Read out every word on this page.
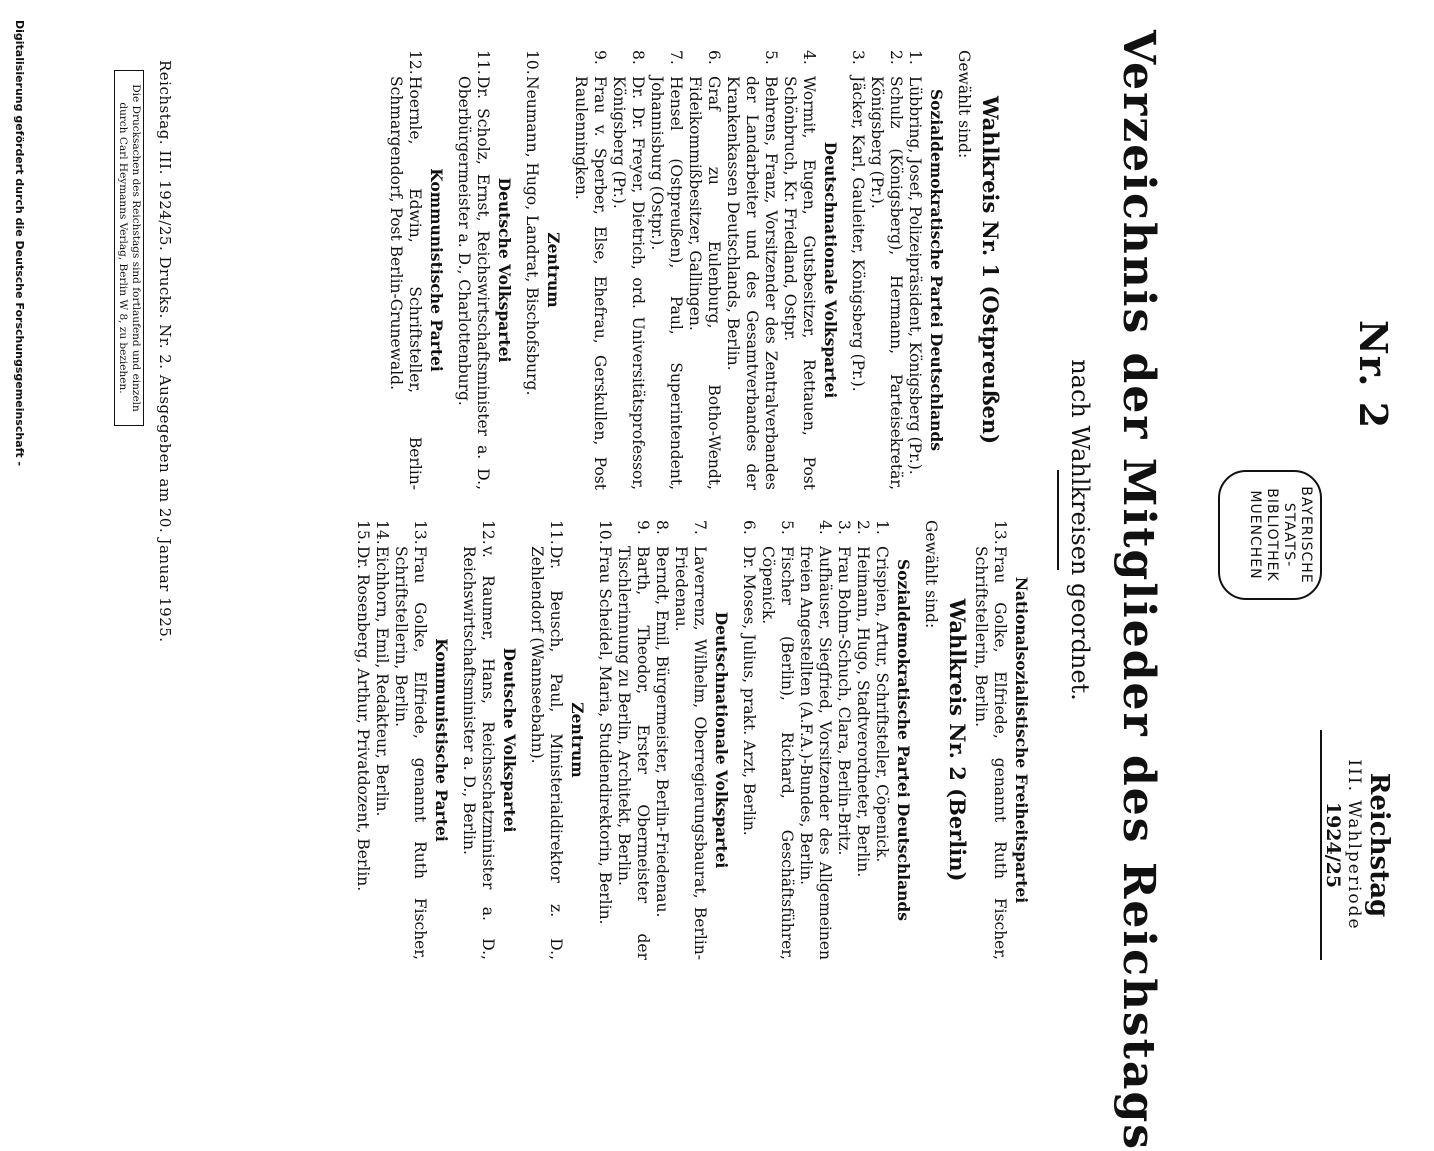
Nr. 2
BAYERISCHE
STAATS-
BIBLIOTHEK
MUENCHEN
Reichstag
III. Wahlperiode
1924/25
Verzeichnis der Mitglieder des Reichstags
nach Wahlkreisen geordnet.
Wahlkreis Nr. 1 (Ostpreußen)
Gewählt sind:
Sozialdemokratische Partei Deutschlands
1.
Lübbring, Josef, Polizeipräsident, Königsberg (Pr.).
2.
Schulz (Königsberg), Hermann, Parteisekretär, Königsberg (Pr.).
3.
Jäcker, Karl, Gauleiter, Königsberg (Pr.).
Deutschnationale Volkspartei
4.
Wormit, Eugen, Gutsbesitzer, Rettauen, Post Schönbruch, Kr. Friedland, Ostpr.
5.
Behrens, Franz, Vorsitzender des Zentralverbandes der Landarbeiter und des Gesamtverbandes der Krankenkassen Deutschlands, Berlin.
6.
Graf zu Eulenburg, Botho-Wendt, Fideikommißbesitzer, Gallingen.
7.
Hensel (Ostpreußen), Paul, Superintendent, Johannisburg (Ostpr.).
8.
Dr. Dr. Freyer, Dietrich, ord. Universitätsprofessor, Königsberg (Pr.).
9.
Frau v. Sperber, Else, Ehefrau, Gerskullen, Post Raulenningken.
Zentrum
10.
Neumann, Hugo, Landrat, Bischofsburg.
Deutsche Volkspartei
11.
Dr. Scholz, Ernst, Reichswirtschaftsminister a. D., Oberbürgermeister a. D., Charlottenburg.
Kommunistische Partei
12.
Hoernle, Edwin, Schriftsteller, Berlin-Schmargendorf, Post Berlin-Grunewald.
Nationalsozialistische Freiheitspartei
13.
Frau Golke, Elfriede, genannt Ruth Fischer, Schriftstellerin, Berlin.
Wahlkreis Nr. 2 (Berlin)
Gewählt sind:
Sozialdemokratische Partei Deutschlands
1.
Crispien, Artur, Schriftsteller, Cöpenick.
2.
Heimann, Hugo, Stadtverordneter, Berlin.
3.
Frau Bohm-Schuch, Clara, Berlin-Britz.
4.
Aufhäuser, Siegfried, Vorsitzender des Allgemeinen freien Angestellten (A.F.A.)-Bundes, Berlin.
5.
Fischer (Berlin), Richard, Geschäftsführer, Cöpenick.
6.
Dr. Moses, Julius, prakt. Arzt, Berlin.
Deutschnationale Volkspartei
7.
Laverrenz, Wilhelm, Oberregierungsbaurat, Berlin-Friedenau.
8.
Berndt, Emil, Bürgermeister, Berlin-Friedenau.
9.
Barth, Theodor, Erster Obermeister der Tischlerinnung zu Berlin, Architekt, Berlin.
10.
Frau Scheidel, Maria, Studiendirektorin, Berlin.
Zentrum
11.
Dr. Beusch, Paul, Ministerialdirektor z. D., Zehlendorf (Wannseebahn).
Deutsche Volkspartei
12.
v. Raumer, Hans, Reichsschatzminister a. D., Reichswirtschaftsminister a. D., Berlin.
Kommunistische Partei
13.
Frau Golke, Elfriede, genannt Ruth Fischer, Schriftstellerin, Berlin.
14.
Eichhorn, Emil, Redakteur, Berlin.
15.
Dr. Rosenberg, Arthur, Privatdozent, Berlin.
Reichstag. III. 1924/25. Drucks. Nr. 2. Ausgegeben am 20. Januar 1925.
Die Drucksachen des Reichstags sind fortlaufend und einzeln
durch Carl Heymanns Verlag, Berlin W 8, zu beziehen.
Digitalisierung gefördert durch die Deutsche Forschungsgemeinschaft -
